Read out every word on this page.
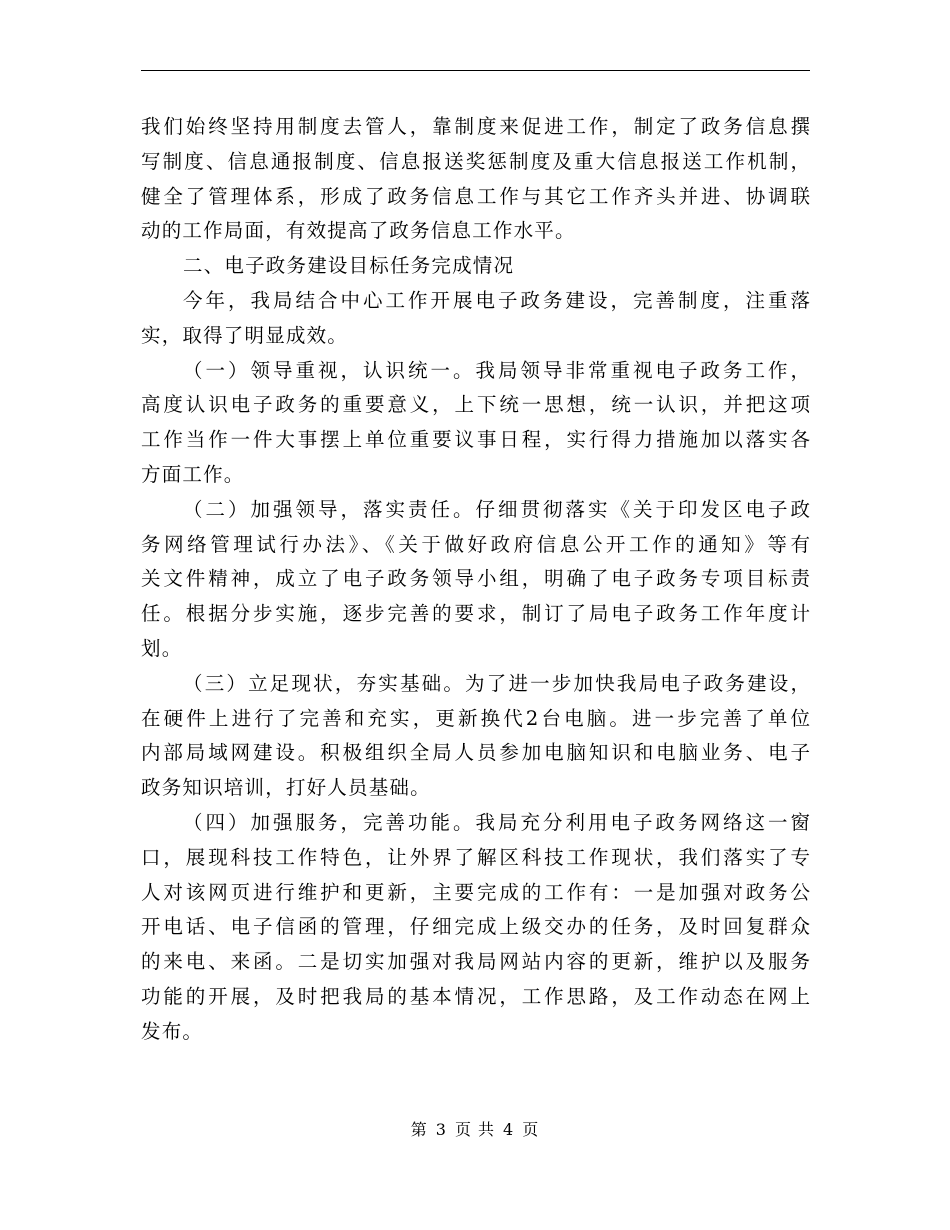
我们始终坚持用制度去管人，靠制度来促进工作，制定了政务信息撰
写制度、信息通报制度、信息报送奖惩制度及重大信息报送工作机制，
健全了管理体系，形成了政务信息工作与其它工作齐头并进、协调联
动的工作局面，有效提高了政务信息工作水平。
二、电子政务建设目标任务完成情况
今年，我局结合中心工作开展电子政务建设，完善制度，注重落
实，取得了明显成效。
（一）领导重视，认识统一。我局领导非常重视电子政务工作，
高度认识电子政务的重要意义，上下统一思想，统一认识，并把这项
工作当作一件大事摆上单位重要议事日程，实行得力措施加以落实各
方面工作。
（二）加强领导，落实责任。仔细贯彻落实《关于印发区电子政
务网络管理试行办法》、《关于做好政府信息公开工作的通知》等有
关文件精神，成立了电子政务领导小组，明确了电子政务专项目标责
任。根据分步实施，逐步完善的要求，制订了局电子政务工作年度计
划。
（三）立足现状，夯实基础。为了进一步加快我局电子政务建设，
在硬件上进行了完善和充实，更新换代2台电脑。进一步完善了单位
内部局域网建设。积极组织全局人员参加电脑知识和电脑业务、电子
政务知识培训，打好人员基础。
（四）加强服务，完善功能。我局充分利用电子政务网络这一窗
口，展现科技工作特色，让外界了解区科技工作现状，我们落实了专
人对该网页进行维护和更新，主要完成的工作有：一是加强对政务公
开电话、电子信函的管理，仔细完成上级交办的任务，及时回复群众
的来电、来函。二是切实加强对我局网站内容的更新，维护以及服务
功能的开展，及时把我局的基本情况，工作思路，及工作动态在网上
发布。
第 3 页 共 4 页
